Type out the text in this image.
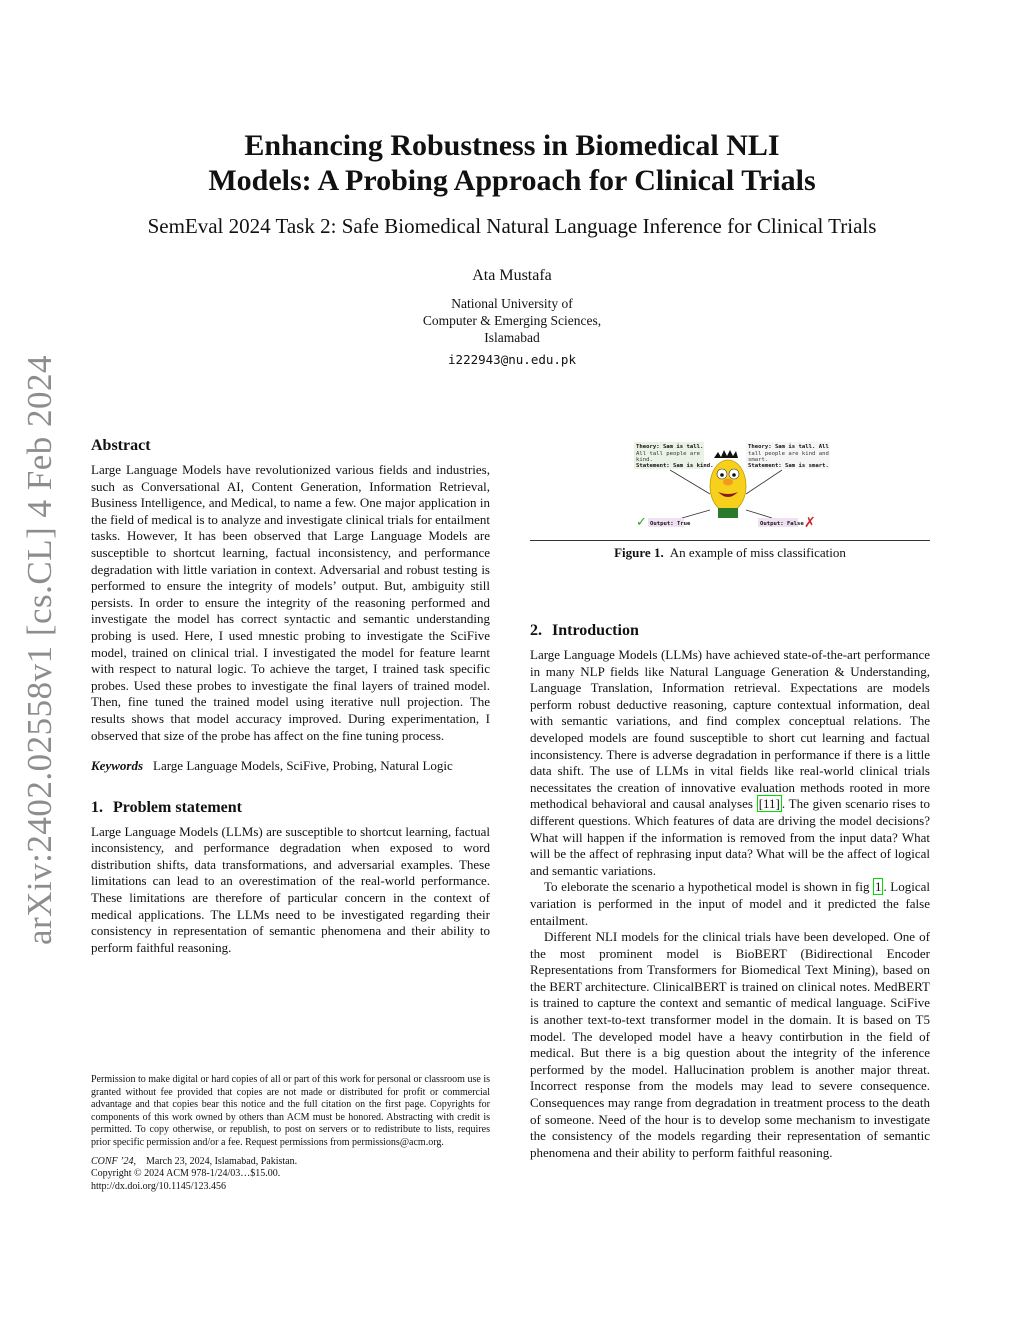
arXiv:2402.02558v1 [cs.CL] 4 Feb 2024
Enhancing Robustness in Biomedical NLI
Models: A Probing Approach for Clinical Trials
SemEval 2024 Task 2: Safe Biomedical Natural Language Inference for Clinical Trials
Ata Mustafa
National University of
Computer & Emerging Sciences,
Islamabad
i222943@nu.edu.pk
Abstract

Large Language Models have revolutionized various fields and industries, such as Conversational AI, Content Generation, Information Retrieval, Business Intelligence, and Medical, to name a few. One major application in the field of medical is to analyze and investigate clinical trials for entailment tasks. However, It has been observed that Large Language Models are susceptible to shortcut learning, factual inconsistency, and performance degradation with little variation in context. Adversarial and robust testing is performed to ensure the integrity of models’ output. But, ambiguity still persists. In order to ensure the integrity of the reasoning performed and investigate the model has correct syntactic and semantic understanding probing is used. Here, I used mnestic probing to investigate the SciFive model, trained on clinical trial. I investigated the model for feature learnt with respect to natural logic. To achieve the target, I trained task specific probes. Used these probes to investigate the final layers of trained model. Then, fine tuned the trained model using iterative null projection. The results shows that model accuracy improved. During experimentation, I observed that size of the probe has affect on the fine tuning process.

Keywords Large Language Models, SciFive, Probing, Natural Logic

1. Problem statement

Large Language Models (LLMs) are susceptible to shortcut learning, factual inconsistency, and performance degradation when exposed to word distribution shifts, data transformations, and adversarial examples. These limitations can lead to an overestimation of the real-world performance. These limitations are therefore of particular concern in the context of medical applications. The LLMs need to be investigated regarding their consistency in representation of semantic phenomena and their ability to perform faithful reasoning.

Permission to make digital or hard copies of all or part of this work for personal or classroom use is granted without fee provided that copies are not made or distributed for profit or commercial advantage and that copies bear this notice and the full citation on the first page. Copyrights for components of this work owned by others than ACM must be honored. Abstracting with credit is permitted. To copy otherwise, or republish, to post on servers or to redistribute to lists, requires prior specific permission and/or a fee. Request permissions from permissions@acm.org.

CONF ’24, March 23, 2024, Islamabad, Pakistan.

Copyright © 2024 ACM 978-1/24/03…$15.00.

http://dx.doi.org/10.1145/123.456

Theory: Sam is tall.
All tall people are
kind.
Statement: Sam is kind.
Theory: Sam is tall. All
tall people are kind and
smart.
Statement: Sam is smart.
✓ Output: True	Output: False ✗
Figure 1. An example of miss classification
2. Introduction

Large Language Models (LLMs) have achieved state-of-the-art performance in many NLP fields like Natural Language Generation & Understanding, Language Translation, Information retrieval. Expectations are models perform robust deductive reasoning, capture contextual information, deal with semantic variations, and find complex conceptual relations. The developed models are found susceptible to short cut learning and factual inconsistency. There is adverse degradation in performance if there is a little data shift. The use of LLMs in vital fields like real-world clinical trials necessitates the creation of innovative evaluation methods rooted in more methodical behavioral and causal analyses [11] . The given scenario rises to different questions. Which features of data are driving the model decisions? What will happen if the information is removed from the input data? What will be the affect of rephrasing input data? What will be the affect of logical and semantic variations.

To eleborate the scenario a hypothetical model is shown in fig 1 . Logical variation is performed in the input of model and it predicted the false entailment.

Different NLI models for the clinical trials have been developed. One of the most prominent model is BioBERT (Bidirectional Encoder Representations from Transformers for Biomedical Text Mining), based on the BERT architecture. ClinicalBERT is trained on clinical notes. MedBERT is trained to capture the context and semantic of medical language. SciFive is another text-to-text transformer model in the domain. It is based on T5 model. The developed model have a heavy contirbution in the field of medical. But there is a big question about the integrity of the inference performed by the model. Hallucination problem is another major threat. Incorrect response from the models may lead to severe consequence. Consequences may range from degradation in treatment process to the death of someone. Need of the hour is to develop some mechanism to investigate the consistency of the models regarding their representation of semantic phenomena and their ability to perform faithful reasoning.
